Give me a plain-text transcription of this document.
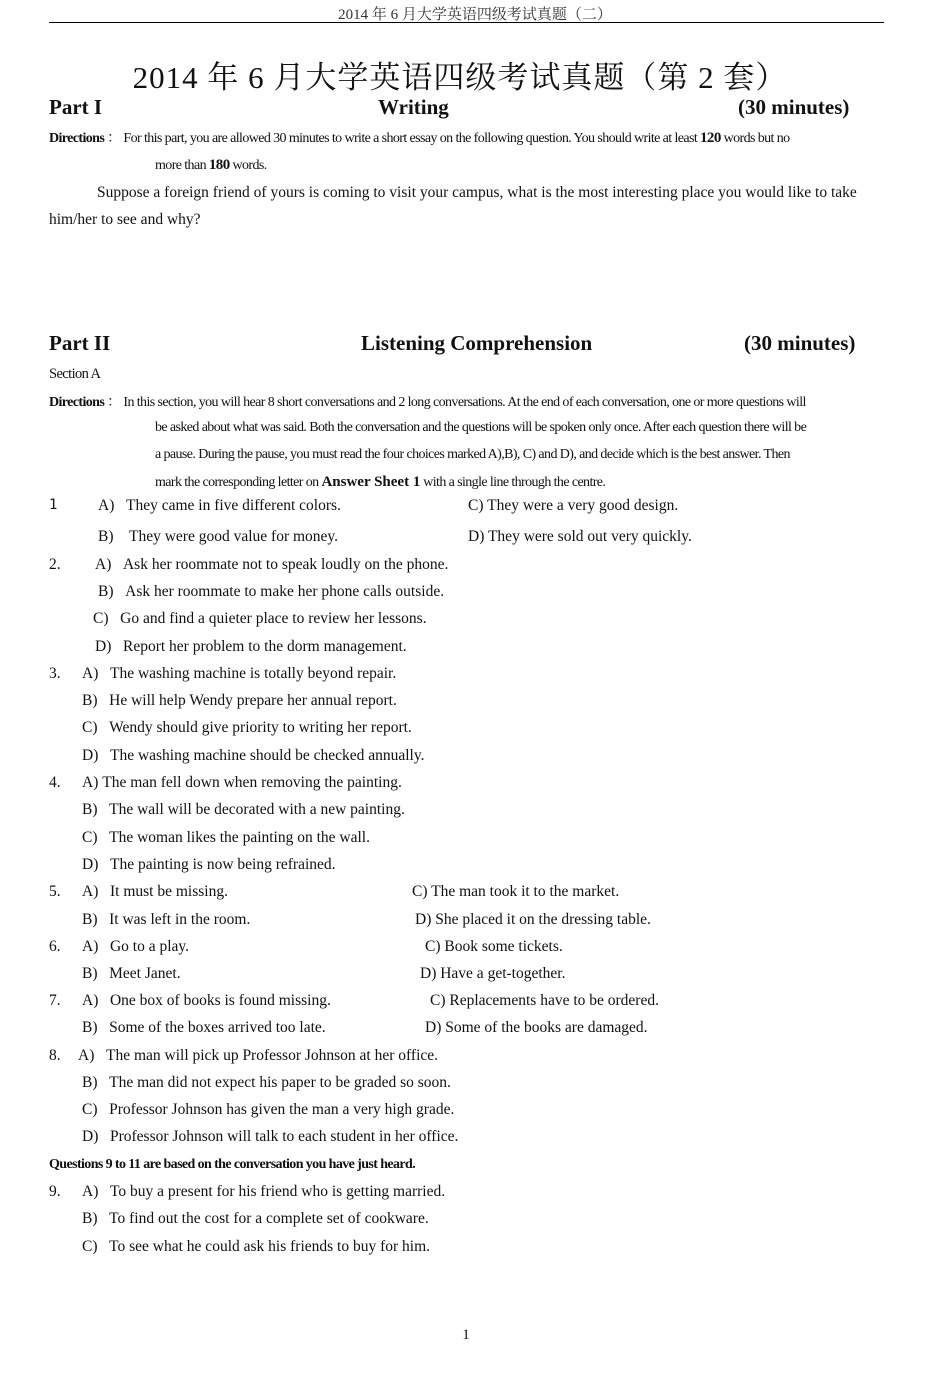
2014 年 6 月大学英语四级考试真题（二）
2014 年 6 月大学英语四级考试真题（第 2 套）
Part I	Writing	(30 minutes)
Directions ： For this part, you are allowed 30 minutes to write a short essay on the following question. You should write at least 120 words but no
more than 180 words.
Suppose a foreign friend of yours is coming to visit your campus, what is the most interesting place you would like to take
him/her to see and why?
Part II	Listening Comprehension	(30 minutes)
Section A
Directions ： In this section, you will hear 8 short conversations and 2 long conversations. At the end of each conversation, one or more questions will
be asked about what was said. Both the conversation and the questions will be spoken only once. After each question there will be
a pause. During the pause, you must read the four choices marked A),B), C) and D), and decide which is the best answer. Then
mark the corresponding letter on Answer Sheet 1 with a single line through the centre.
1	A) They came in five different colors.	C) They were a very good design.
B) They were good value for money.	D) They were sold out very quickly.
2. A) Ask her roommate not to speak loudly on the phone.
B) Ask her roommate to make her phone calls outside.
C) Go and find a quieter place to review her lessons.
D) Report her problem to the dorm management.
3. A) The washing machine is totally beyond repair.
B) He will help Wendy prepare her annual report.
C) Wendy should give priority to writing her report.
D) The washing machine should be checked annually.
4. A) The man fell down when removing the painting.
B) The wall will be decorated with a new painting.
C) The woman likes the painting on the wall.
D) The painting is now being refrained.
5. A) It must be missing.	C) The man took it to the market.
B) It was left in the room.	D) She placed it on the dressing table.
6. A) Go to a play.	C) Book some tickets.
B) Meet Janet.	D) Have a get-together.
7. A) One box of books is found missing.	C) Replacements have to be ordered.
B) Some of the boxes arrived too late.	D) Some of the books are damaged.
8. A) The man will pick up Professor Johnson at her office.
B) The man did not expect his paper to be graded so soon.
C) Professor Johnson has given the man a very high grade.
D) Professor Johnson will talk to each student in her office.
Questions 9 to 11 are based on the conversation you have just heard.
9. A) To buy a present for his friend who is getting married.
B) To find out the cost for a complete set of cookware.
C) To see what he could ask his friends to buy for him.
1
